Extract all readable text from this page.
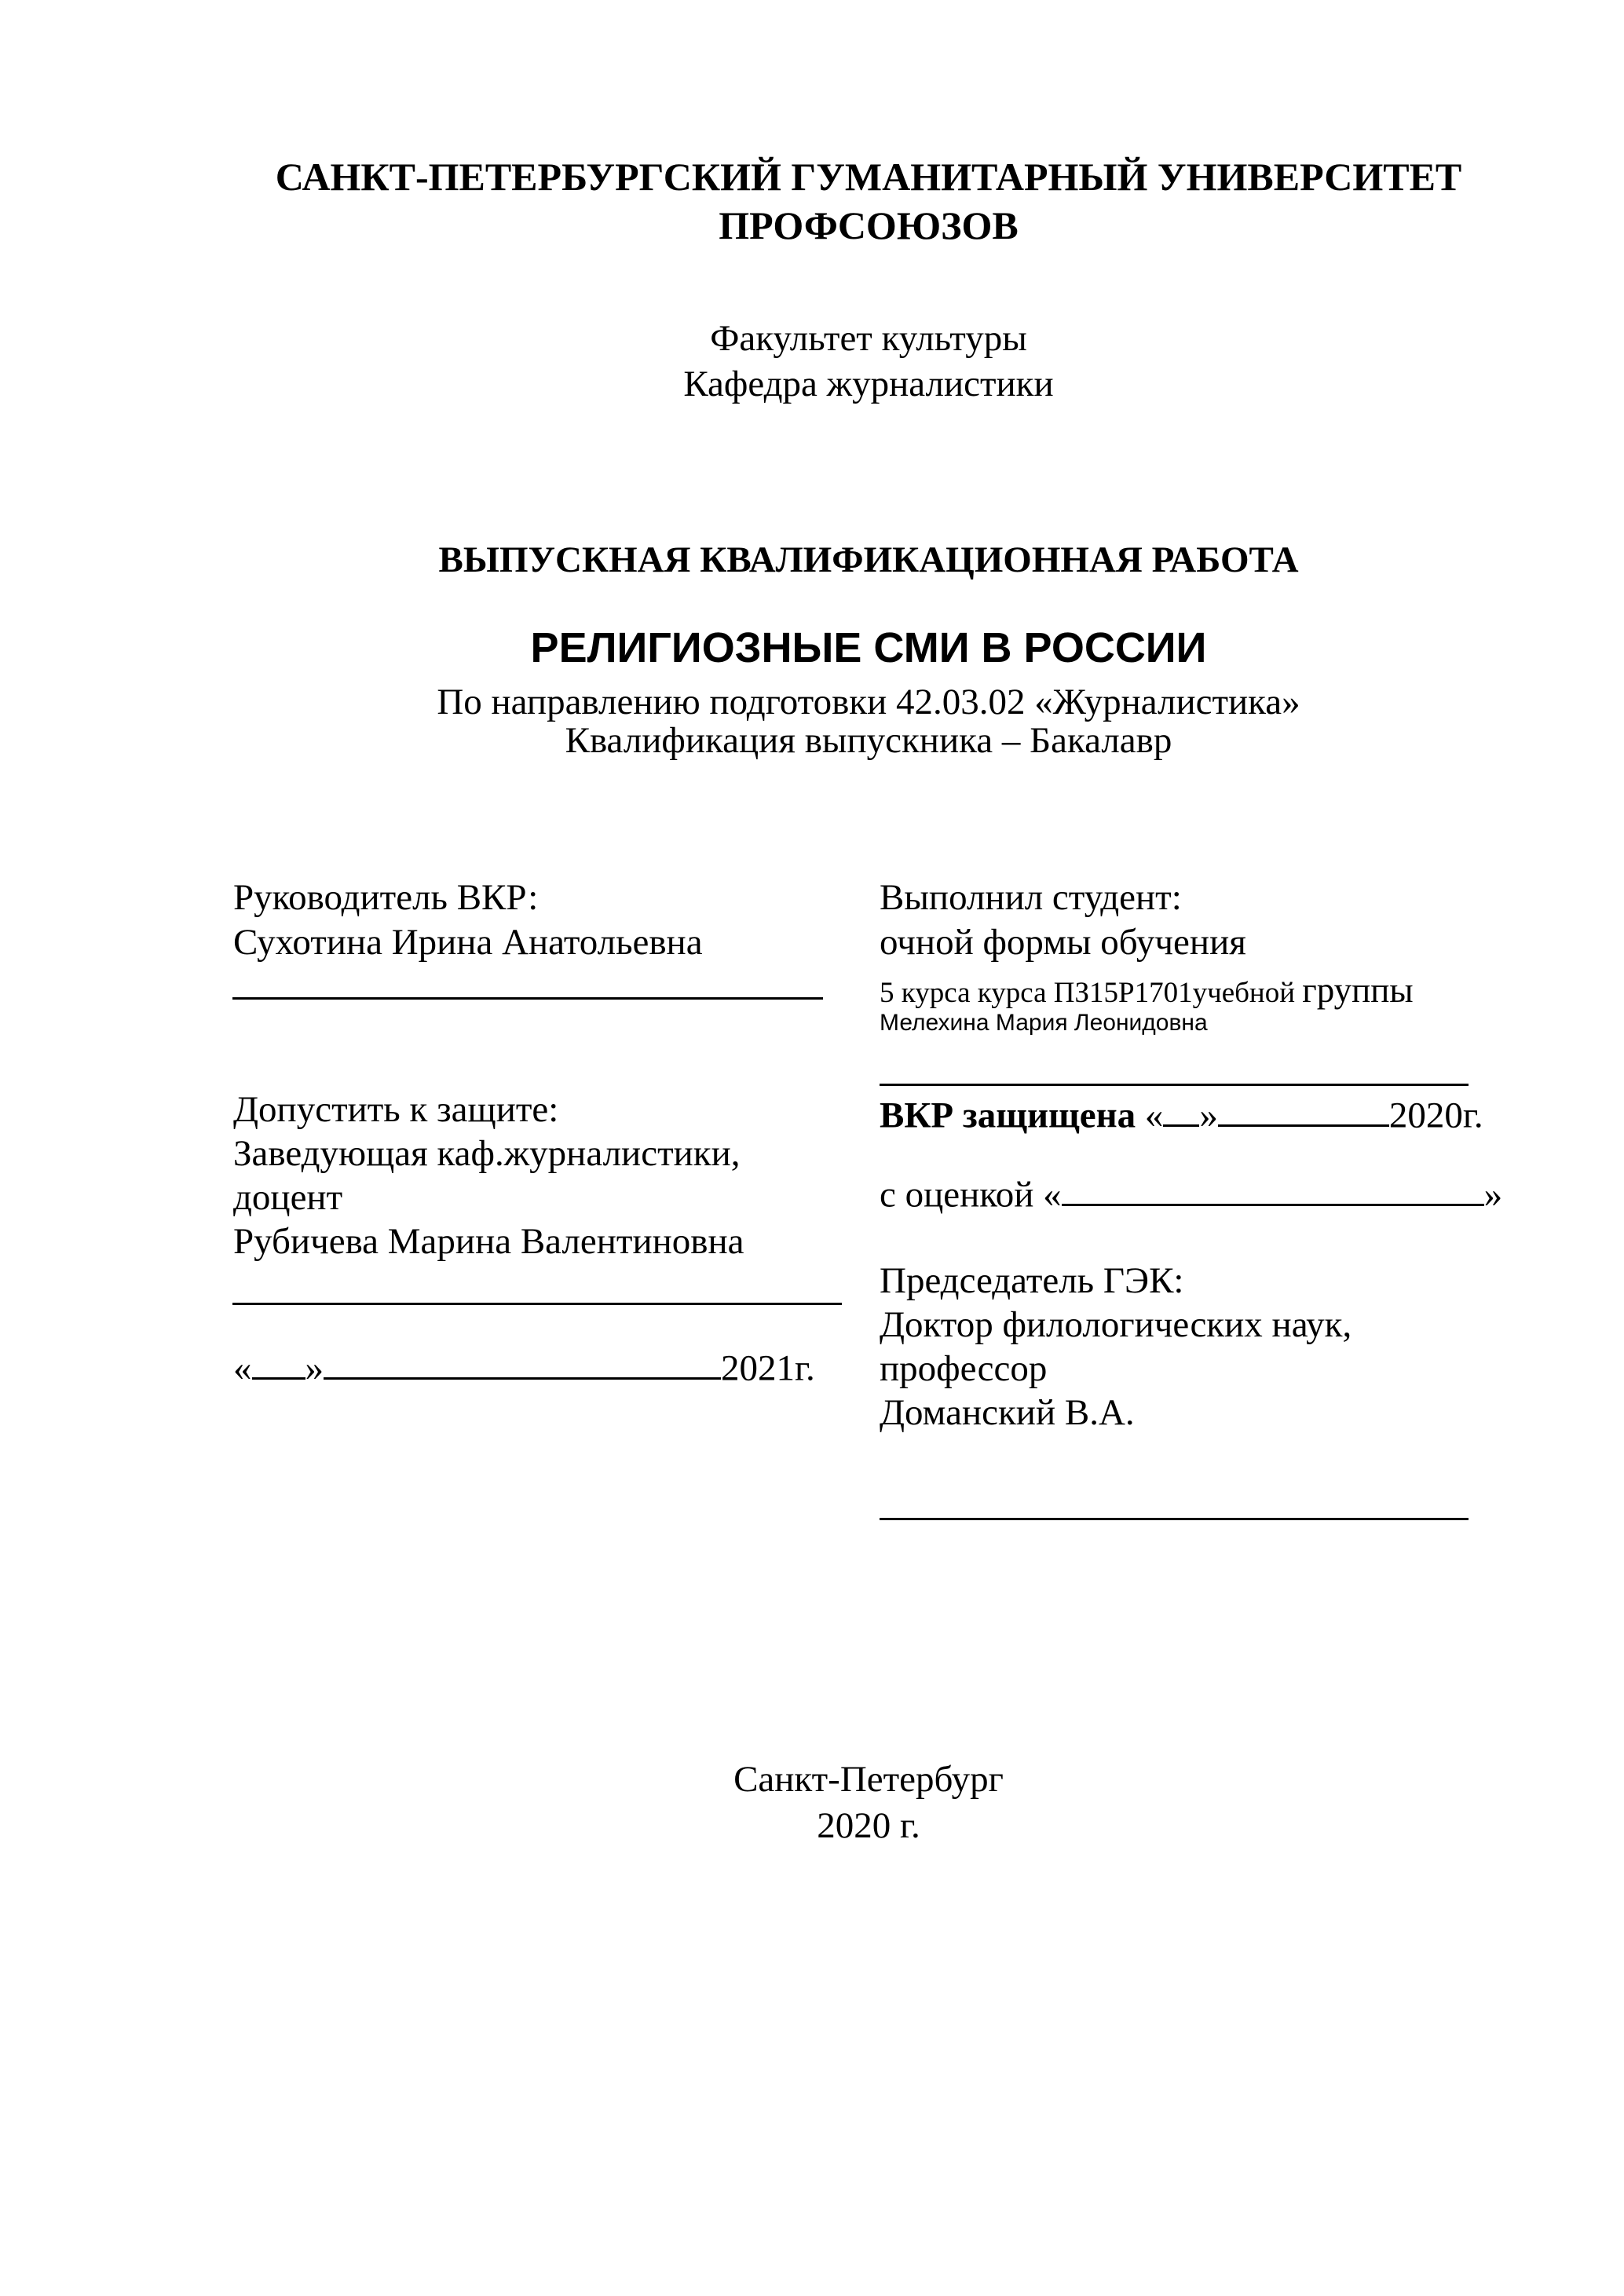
САНКТ-ПЕТЕРБУРГСКИЙ ГУМАНИТАРНЫЙ УНИВЕРСИТЕТ
ПРОФСОЮЗОВ
Факультет культуры
Кафедра журналистики
ВЫПУСКНАЯ КВАЛИФИКАЦИОННАЯ РАБОТА
РЕЛИГИОЗНЫЕ СМИ В РОССИИ
По направлению подготовки 42.03.02 «Журналистика»
Квалификация выпускника – Бакалавр
Руководитель ВКР:
Сухотина Ирина Анатольевна
Допустить к защите:
Заведующая каф.журналистики,
доцент
Рубичева Марина Валентиновна
« »	2021г.
Выполнил студент:
очной формы обучения
5 курса курса ПЗ15Р1701учебной группы
Мелехина Мария Леонидовна
ВКР защищена « »	2020г.
с оценкой «	»
Председатель ГЭК:
Доктор филологических наук,
профессор
Доманский В.А.
Санкт-Петербург
2020 г.
